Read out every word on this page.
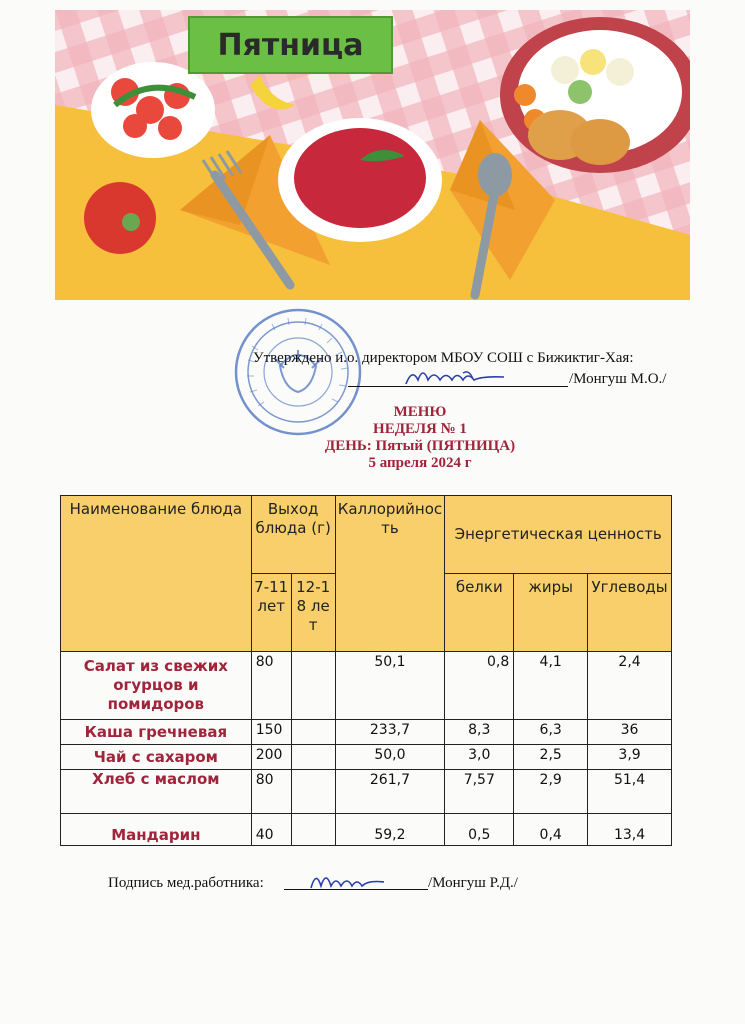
Пятница
Утверждено и.о. директором МБОУ СОШ с Бижиктиг-Хая:
/Монгуш М.О./
МЕНЮ
НЕДЕЛЯ № 1
ДЕНЬ: Пятый (ПЯТНИЦА)
5 апреля 2024 г
Наименование блюда	Выход блюда (г)		Каллорийность	Энергетическая ценность		
	7-11 лет	12-18 лет		белки	жиры	Углеводы
Салат из свежих огурцов и помидоров	80		50,1	0,8	4,1	2,4
Каша гречневая	150		233,7	8,3	6,3	36
Чай с сахаром	200		50,0	3,0	2,5	3,9
Хлеб с маслом	80		261,7	7,57	2,9	51,4
Мандарин	40		59,2	0,5	0,4	13,4
Подпись мед.работника:	/Монгуш Р.Д./
